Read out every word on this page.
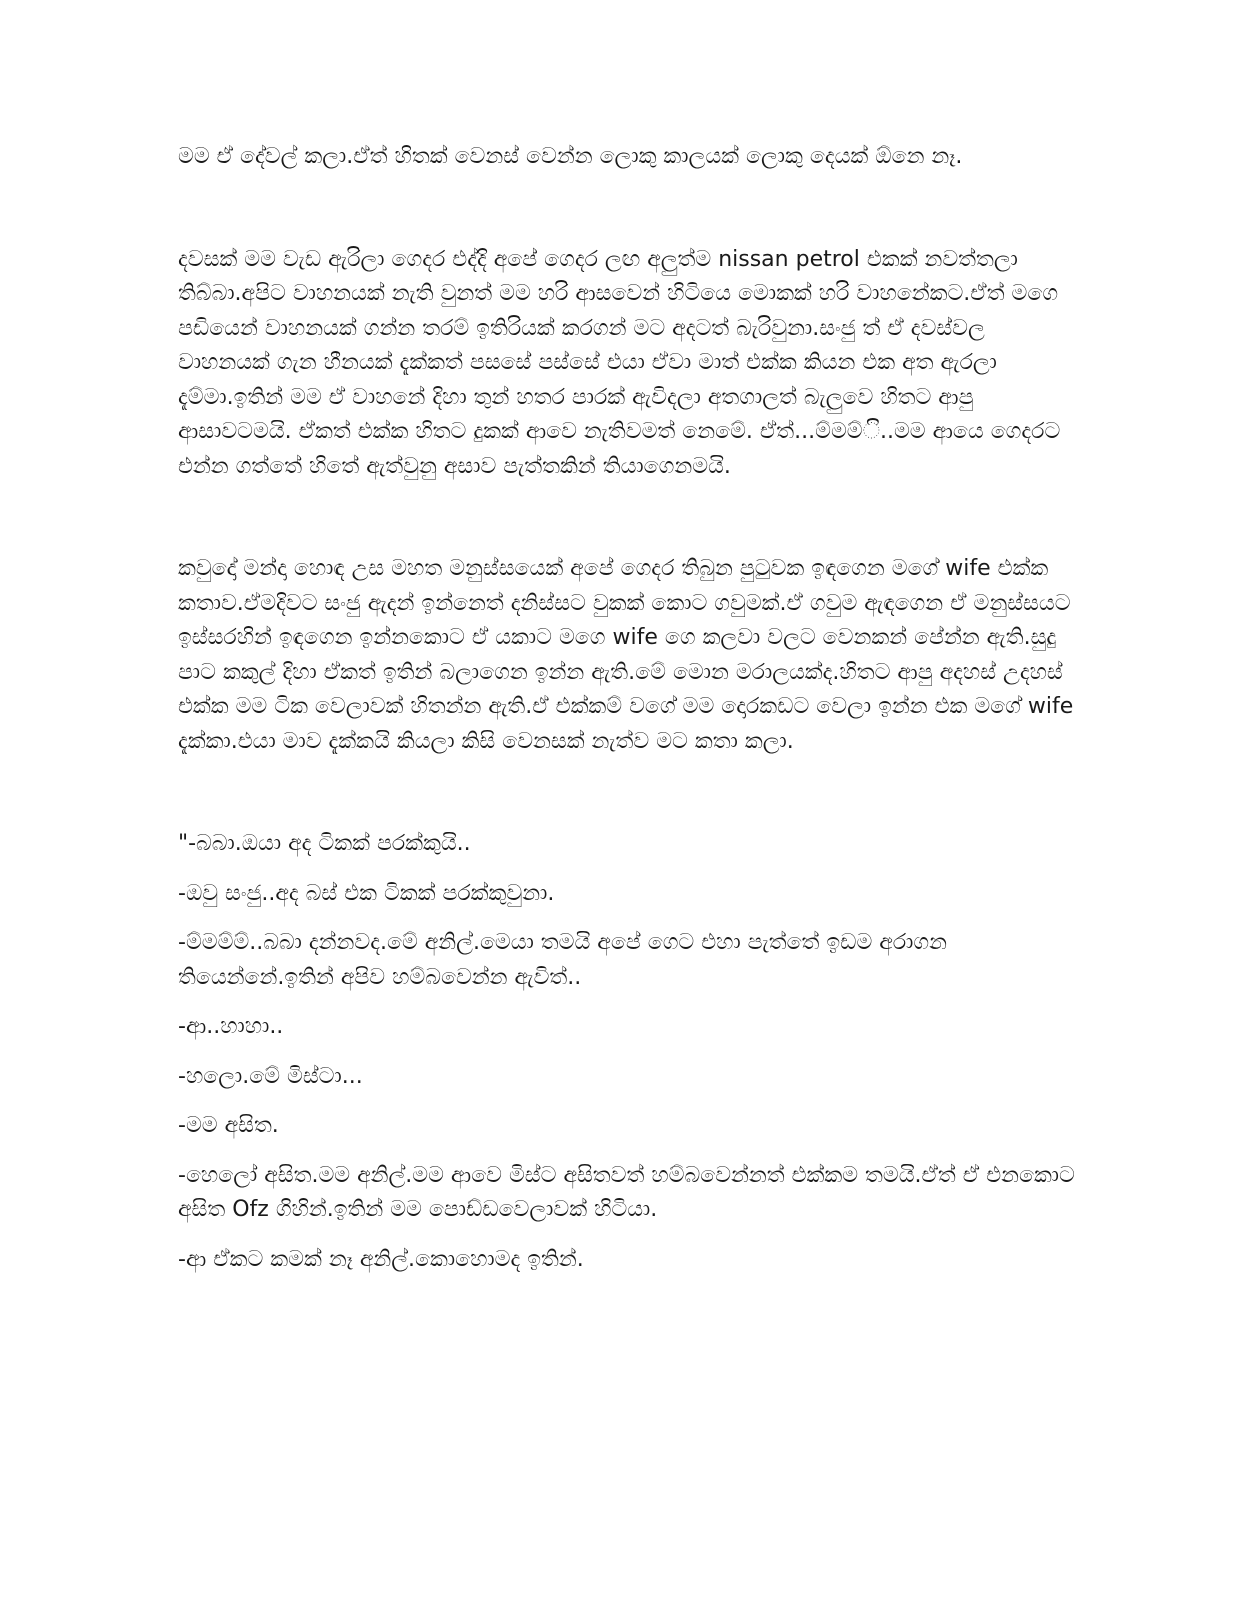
මම ඒ දේවල් කලා.ඒත් හිතක් වෙනස් වෙන්න ලොකු කාලයක් ලොකු දෙයක් ඕනෙ නෑ.

දවසක් මම වැඩ ඇරිලා ගෙදර එද්දි අපේ ගෙදර ලඟ අලුත්ම nissan petrol එකක් නවත්තලා තිබ්බා.අපිට වාහනයක් නැති වුනත් මම හරි ආසවෙන් හිටියෙ මොකක් හරි වාහනේකට.ඒත් මගෙ පඩියෙන් වාහනයක් ගන්න තරම් ඉතිරියක් කරගන් මට අදටත් බැරිවුනා.සංජු ත් ඒ දවස්වල වාහනයක් ගැන හීනයක් දැක්කත් පසසේ පස්සේ එයා ඒවා මාත් එක්ක කියන එක අත ඇරලා දැම්මා.ඉතින් මම ඒ වාහනේ දිහා තුන් හතර පාරක් ඇවිදලා අතගාලත් බැලුවෙ හිතට ආපු ආසාවටමයි. ඒකත් එක්ක හිතට දුකක් ආවෙ නැතිවමත් නෙමේ. ඒත්...ම්මම්ි..මම ආයෙ ගෙදරට එන්න ගත්තේ හිතේ ඇත්වුනු අසාව පැත්තකින් තියාගෙනමයි.

කවුදෝ මන්දා හොඳ උස මහත මනුස්සයෙක් අපේ ගෙදර තිබුන පුටුවක ඉඳගෙන මගේ wife එක්ක කතාව.ඒමදිවට සංජු ඇදන් ඉන්නෙත් දනිස්සට වුකක් කොට ගවුමක්.ඒ ගවුම ඇඳගෙන ඒ මනුස්සයට ඉස්සරහින් ඉඳගෙන ඉන්නකොට ඒ යකාට මගෙ wife ගෙ කලවා වලට වෙනකන් පේන්න ඇති.සුදු පාට කකුල් දිහා ඒකත් ඉතින් බලාගෙන ඉන්න ඇති.මේ මොන මරාලයක්ද.හිතට ආපු අදහස් උදහස් එක්ක මම ටික වෙලාවක් හිතන්න ඇති.ඒ එක්කම් වගේ මම දොරකඩට වෙලා ඉන්න එක මගේ wife දැක්කා.එයා මාව දැක්කයි කියලා කිසි වෙනසක් නැත්ව මට කතා කලා.

"-බබා.ඔයා අද ටිකක් පරක්කුයි..

-ඔවු සංජු..අද බස් එක ටිකක් පරක්කුවුනා.

-ම්මම්ම්..බබා දන්නවද.මේ අනිල්.මෙයා තමයි අපේ ගෙට එහා පැත්තේ ඉඩම අරාගන තියෙන්නේ.ඉතින් අපිව හම්බවෙන්න ඇවිත්..

-ආ..හාහා..

-හලො.මේ මිස්ටා...

-මම අසිත.

-හෙලෝ අසිත.මම අනිල්.මම ආවෙ මිස්ට අසිතවත් හම්බවෙන්නත් එක්කම තමයි.ඒත් ඒ එනකොට අසිත Ofz ගිහින්.ඉතින් මම පොඩ්ඩවෙලාවක් හිටියා.

-ආ ඒකට කමක් නෑ අනිල්.කොහොමද ඉතින්.
